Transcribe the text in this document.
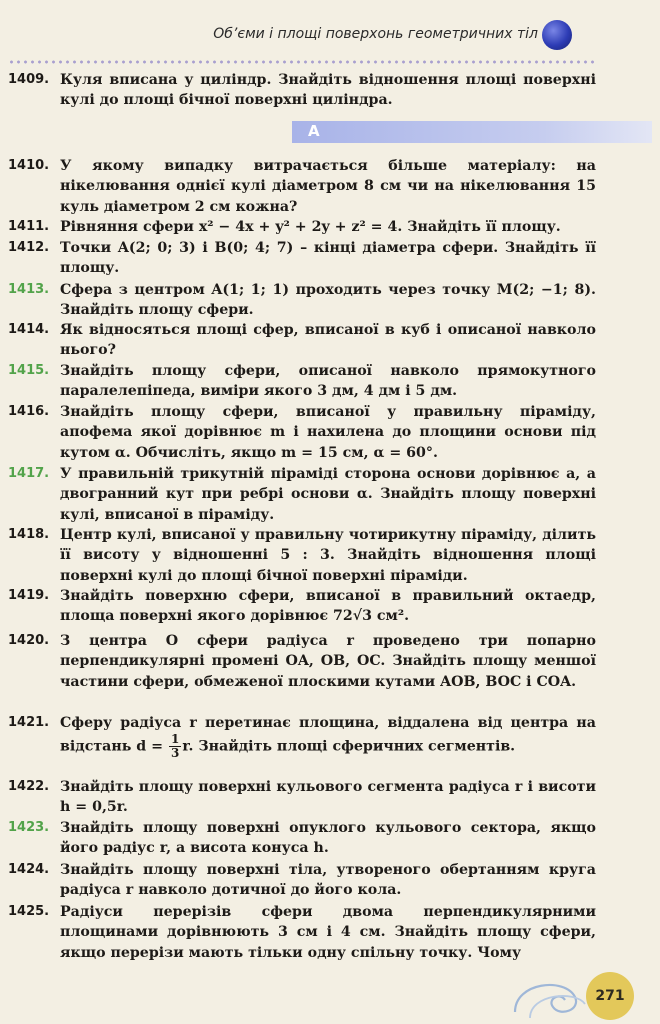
Об’єми і площі поверхонь геометричних тіл
1409. Куля вписана у циліндр. Знайдіть відношення площі поверхні кулі до площі бічної поверхні циліндра.
А
1410. У якому випадку витрачається більше матеріалу: на нікелювання однієї кулі діаметром 8 см чи на нікелювання 15 куль діаметром 2 см кожна?
1411. Рівняння сфери x² − 4x + y² + 2y + z² = 4. Знайдіть її площу.
1412. Точки A(2; 0; 3) і B(0; 4; 7) – кінці діаметра сфери. Знайдіть її площу.
1413. Сфера з центром A(1; 1; 1) проходить через точку M(2; −1; 8). Знайдіть площу сфери.
1414. Як відносяться площі сфер, вписаної в куб і описаної навколо нього?
1415. Знайдіть площу сфери, описаної навколо прямокутного паралелепіпеда, виміри якого 3 дм, 4 дм і 5 дм.
1416. Знайдіть площу сфери, вписаної у правильну піраміду, апофема якої дорівнює m і нахилена до площини основи під кутом α. Обчисліть, якщо m = 15 см, α = 60°.
1417. У правильній трикутній піраміді сторона основи дорівнює a, а двогранний кут при ребрі основи α. Знайдіть площу поверхні кулі, вписаної в піраміду.
1418. Центр кулі, вписаної у правильну чотирикутну піраміду, ділить її висоту у відношенні 5 : 3. Знайдіть відношення площі поверхні кулі до площі бічної поверхні піраміди.
1419. Знайдіть поверхню сфери, вписаної в правильний октаедр, площа поверхні якого дорівнює 72√3 см².
1420. З центра O сфери радіуса r проведено три попарно перпендикулярні промені OA, OB, OC. Знайдіть площу меншої частини сфери, обмеженої плоскими кутами AOB, BOC і COA.
1421. Сферу радіуса r перетинає площина, віддалена від центра на відстань $d = \frac{1}{3} r$. Знайдіть площі сферичних сегментів.
1422. Знайдіть площу поверхні кульового сегмента радіуса r і висоти h = 0,5r.
1423. Знайдіть площу поверхні опуклого кульового сектора, якщо його радіус r, а висота конуса h.
1424. Знайдіть площу поверхні тіла, утвореного обертанням круга радіуса r навколо дотичної до його кола.
1425. Радіуси перерізів сфери двома перпендикулярними площинами дорівнюють 3 см і 4 см. Знайдіть площу сфери, якщо перерізи мають тільки одну спільну точку. Чому
271
